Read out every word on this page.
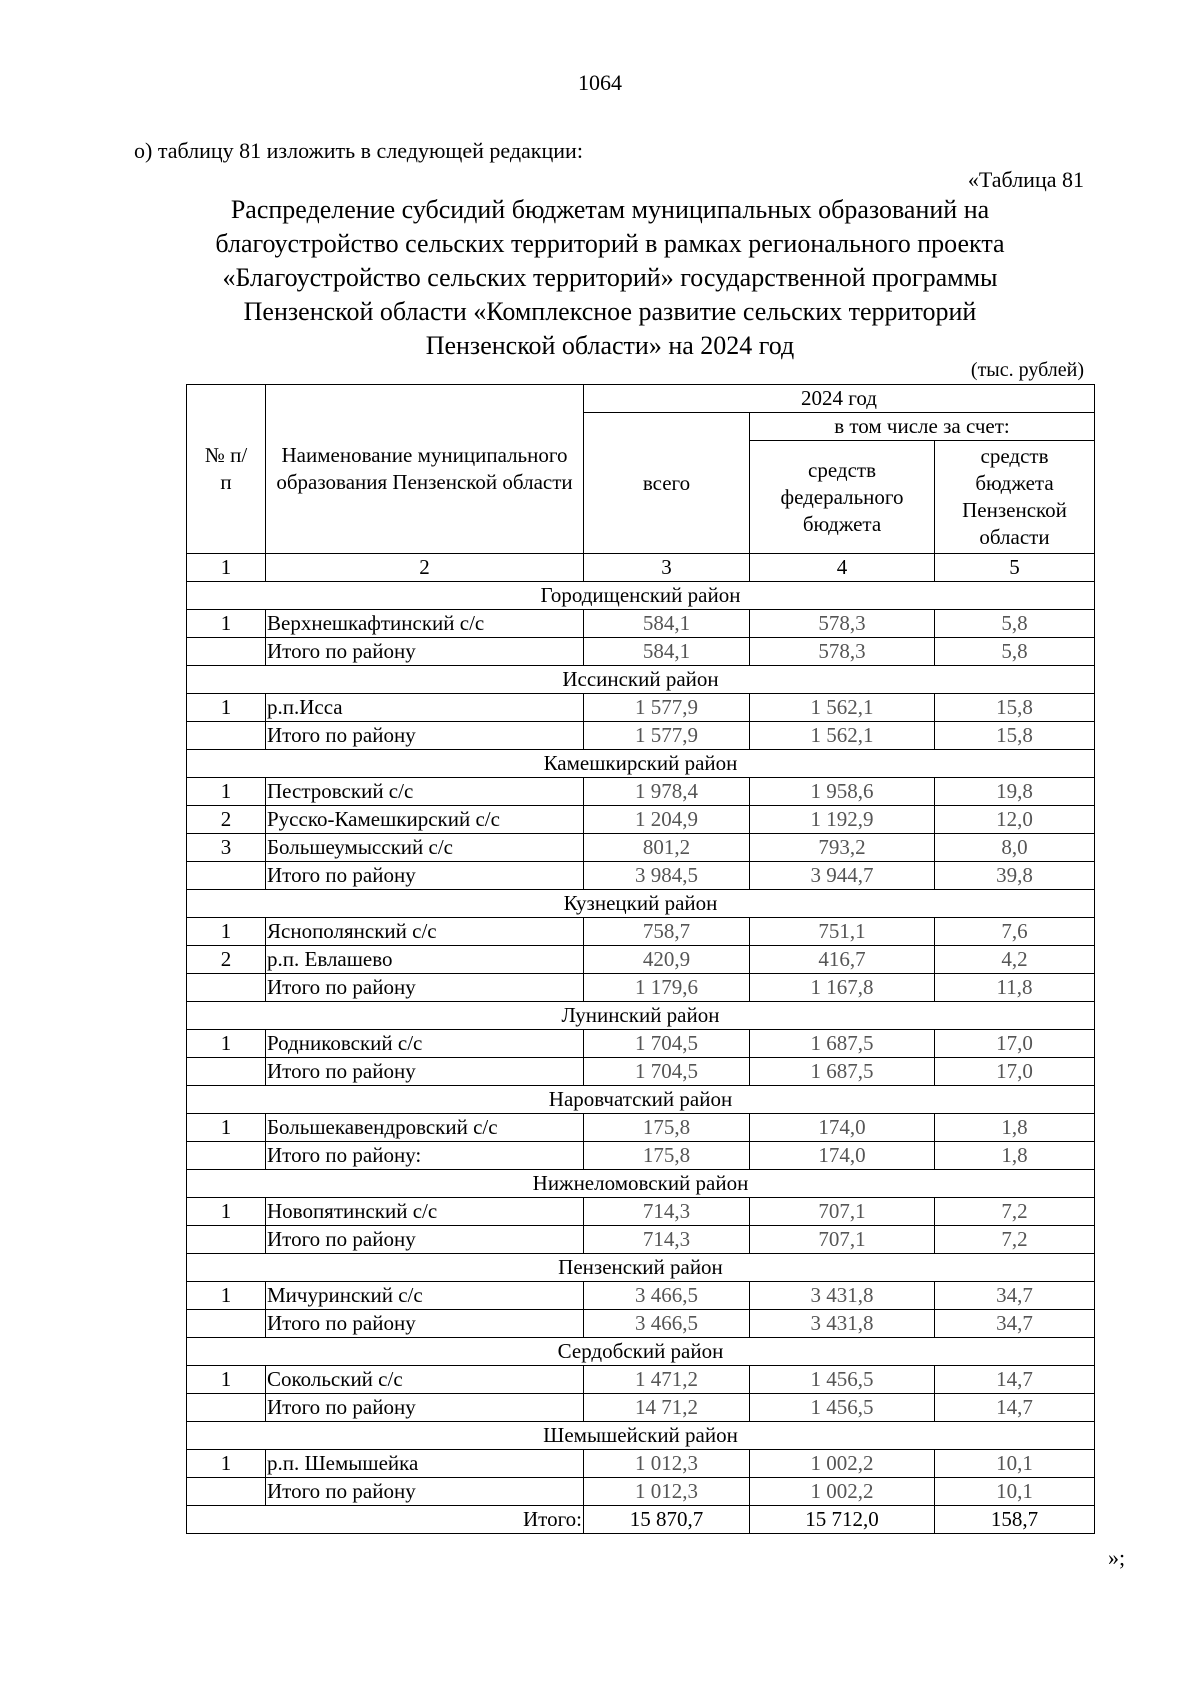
1064
о) таблицу 81 изложить в следующей редакции:
«Таблица 81
Распределение субсидий бюджетам муниципальных образований на
благоустройство сельских территорий в рамках регионального проекта
«Благоустройство сельских территорий» государственной программы
Пензенской области «Комплексное развитие сельских территорий
Пензенской области» на 2024 год
(тыс. рублей)
№ п/п	Наименование муниципального образования Пензенской области	2024 год		
		всего	в том числе за счет:	
			средств федерального бюджета	средств бюджета Пензенской области
1	2	3	4	5
Городищенский район				
1	Верхнешкафтинский с/с	584,1	578,3	5,8
	Итого по району	584,1	578,3	5,8
Иссинский район				
1	р.п.Исса	1 577,9	1 562,1	15,8
	Итого по району	1 577,9	1 562,1	15,8
Камешкирский район				
1	Пестровский с/с	1 978,4	1 958,6	19,8
2	Русско-Камешкирский с/с	1 204,9	1 192,9	12,0
3	Большеумысский с/с	801,2	793,2	8,0
	Итого по району	3 984,5	3 944,7	39,8
Кузнецкий район				
1	Яснополянский с/с	758,7	751,1	7,6
2	р.п. Евлашево	420,9	416,7	4,2
	Итого по району	1 179,6	1 167,8	11,8
Лунинский район				
1	Родниковский с/с	1 704,5	1 687,5	17,0
	Итого по району	1 704,5	1 687,5	17,0
Наровчатский район				
1	Большекавендровский с/с	175,8	174,0	1,8
	Итого по району:	175,8	174,0	1,8
Нижнеломовский район				
1	Новопятинский с/с	714,3	707,1	7,2
	Итого по району	714,3	707,1	7,2
Пензенский район				
1	Мичуринский с/с	3 466,5	3 431,8	34,7
	Итого по району	3 466,5	3 431,8	34,7
Сердобский район				
1	Сокольский с/с	1 471,2	1 456,5	14,7
	Итого по району	14 71,2	1 456,5	14,7
Шемышейский район				
1	р.п. Шемышейка	1 012,3	1 002,2	10,1
	Итого по району	1 012,3	1 002,2	10,1
Итого:		15 870,7	15 712,0	158,7
»;
